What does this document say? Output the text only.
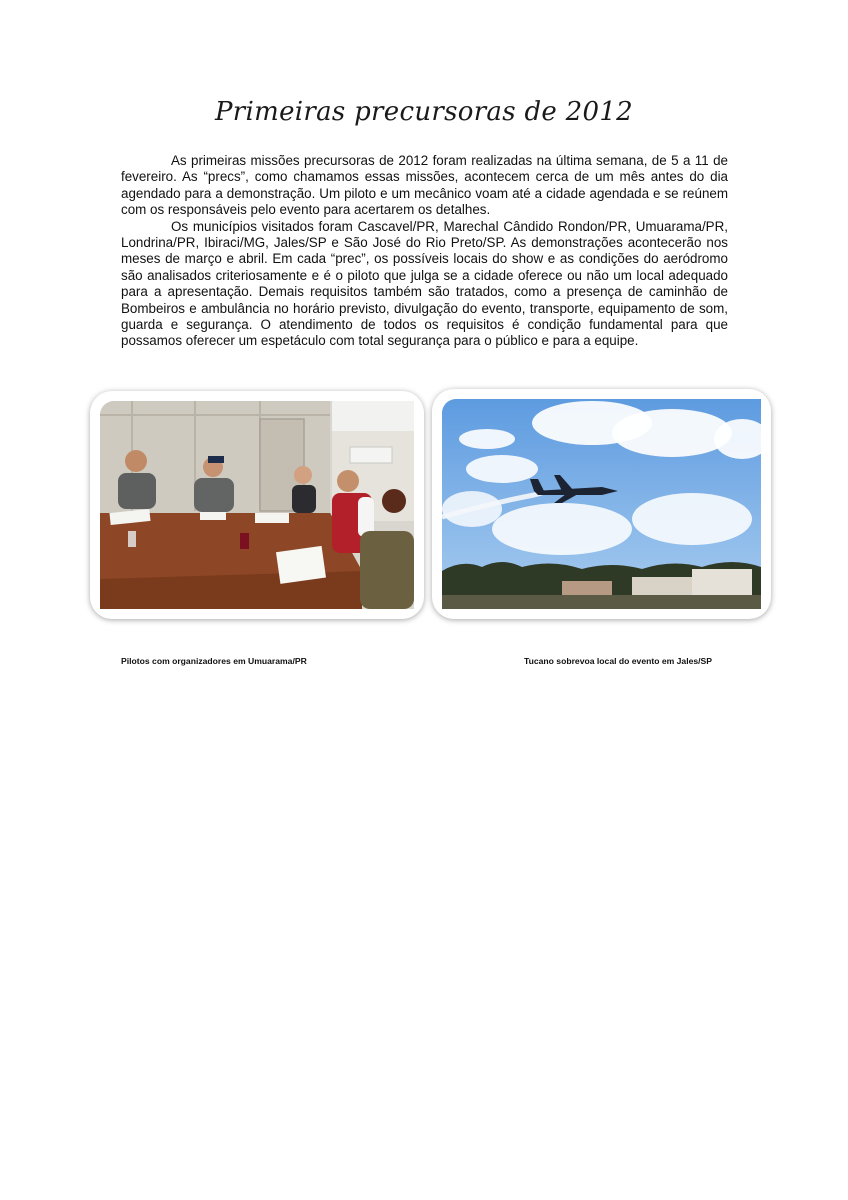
Primeiras precursoras de 2012

As primeiras missões precursoras de 2012 foram realizadas na última semana, de 5 a 11 de fevereiro. As “precs”, como chamamos essas missões, acontecem cerca de um mês antes do dia agendado para a demonstração. Um piloto e um mecânico voam até a cidade agendada e se reúnem com os responsáveis pelo evento para acertarem os detalhes.

Os municípios visitados foram Cascavel/PR, Marechal Cândido Rondon/PR, Umuarama/PR, Londrina/PR, Ibiraci/MG, Jales/SP e São José do Rio Preto/SP. As demonstrações acontecerão nos meses de março e abril. Em cada “prec”, os possíveis locais do show e as condições do aeródromo são analisados criteriosamente e é o piloto que julga se a cidade oferece ou não um local adequado para a apresentação. Demais requisitos também são tratados, como a presença de caminhão de Bombeiros e ambulância no horário previsto, divulgação do evento, transporte, equipamento de som, guarda e segurança. O atendimento de todos os requisitos é condição fundamental para que possamos oferecer um espetáculo com total segurança para o público e para a equipe.

Pilotos com organizadores em Umuarama/PR	Tucano sobrevoa local do evento em Jales/SP
